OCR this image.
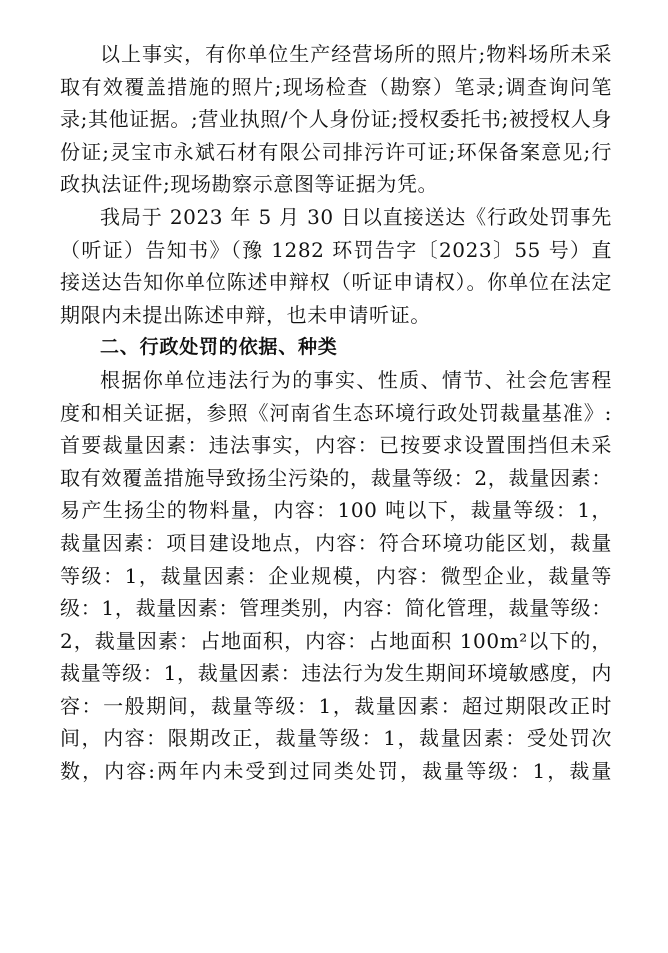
以上事实，有你单位生产经营场所的照片;物料场所未采取有效覆盖措施的照片;现场检查（勘察）笔录;调查询问笔录;其他证据。;营业执照/个人身份证;授权委托书;被授权人身份证;灵宝市永斌石材有限公司排污许可证;环保备案意见;行政执法证件;现场勘察示意图等证据为凭。

我局于 2023 年 5 月 30 日以直接送达《行政处罚事先（听证）告知书》（豫 1282 环罚告字〔2023〕55 号）直接送达告知你单位陈述申辩权（听证申请权）。你单位在法定期限内未提出陈述申辩，也未申请听证。

二、行政处罚的依据、种类

根据你单位违法行为的事实、性质、情节、社会危害程度和相关证据，参照《河南省生态环境行政处罚裁量基准》:首要裁量因素：违法事实，内容：已按要求设置围挡但未采取有效覆盖措施导致扬尘污染的，裁量等级：2，裁量因素：易产生扬尘的物料量，内容：100 吨以下，裁量等级：1，裁量因素：项目建设地点，内容：符合环境功能区划，裁量等级：1，裁量因素：企业规模，内容：微型企业，裁量等级：1，裁量因素：管理类别，内容：简化管理，裁量等级：2，裁量因素：占地面积，内容：占地面积 100m²以下的，裁量等级：1，裁量因素：违法行为发生期间环境敏感度，内容：一般期间，裁量等级：1，裁量因素：超过期限改正时间，内容：限期改正，裁量等级：1，裁量因素：受处罚次数，内容:两年内未受到过同类处罚，裁量等级：1，裁量
